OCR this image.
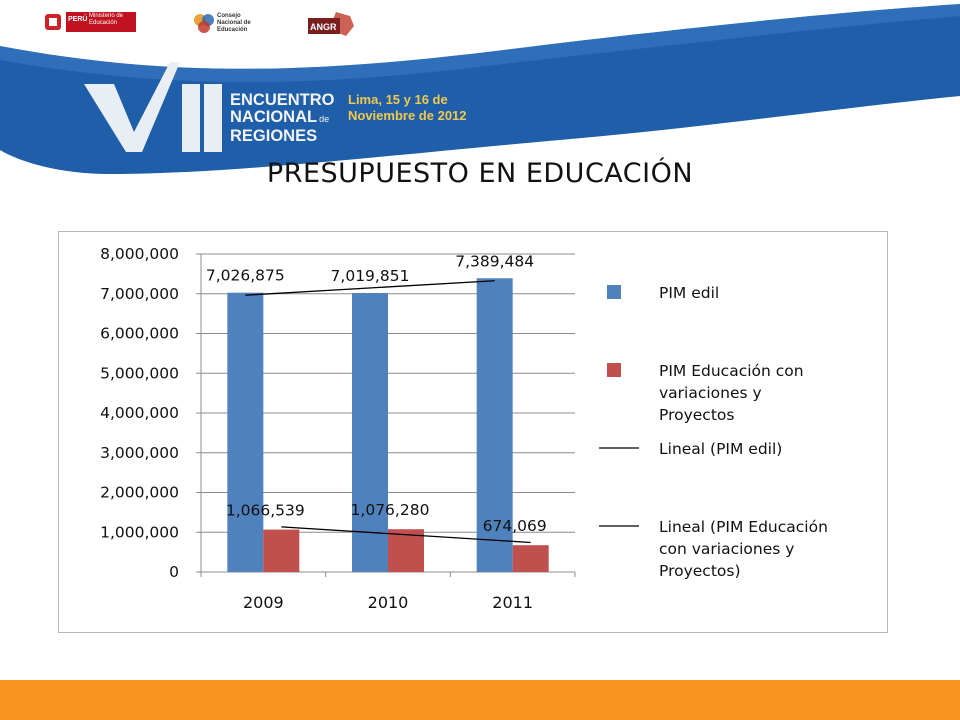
PERÚ Ministerio de Educación
Consejo Nacional de Educación	ANGR
ENCUENTRO
NACIONAL de
REGIONES
Lima, 15 y 16 de
Noviembre de 2012
PRESUPUESTO EN EDUCACIÓN
0
1,000,000
2,000,000
3,000,000
4,000,000
5,000,000
6,000,000
7,000,000
8,000,000
2009	2010	2011
7,026,875	7,019,851
7,389,484
1,066,539	1,076,280
674,069
PIM edil
PIM Educación con
variaciones y
Proyectos
Lineal (PIM edil)
Lineal (PIM Educación
con variaciones y
Proyectos)
